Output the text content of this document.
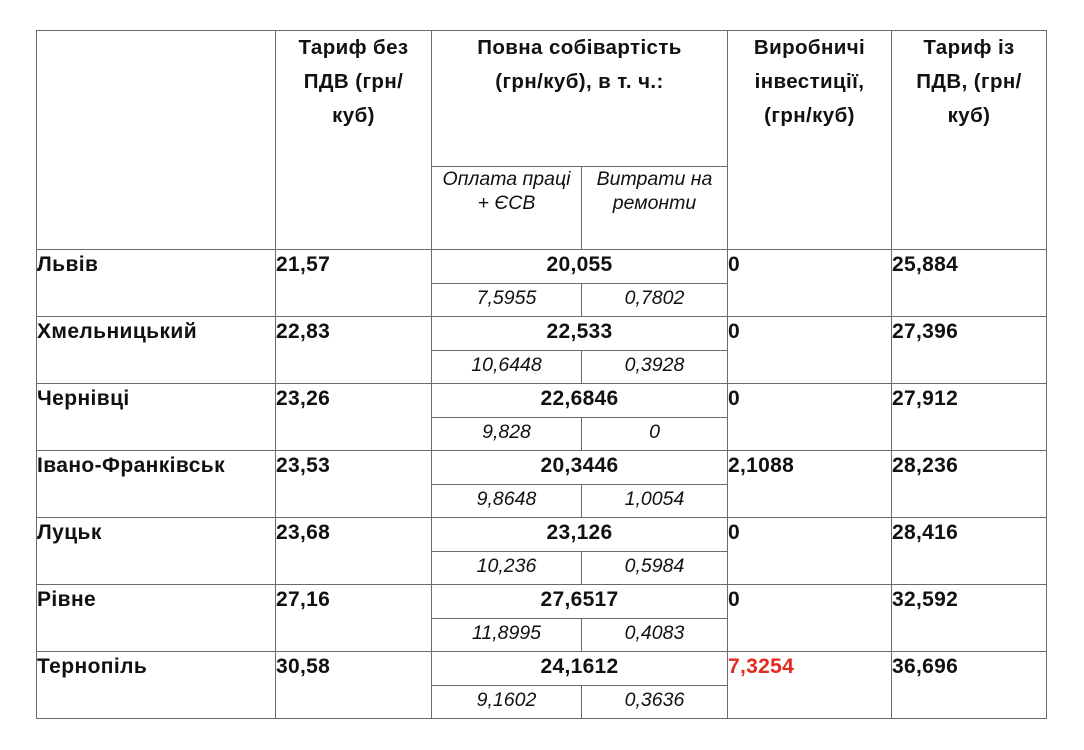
	Тариф без ПДВ (грн/куб)	Повна собівартість (грн/куб), в т. ч.:		Виробничі інвестиції, (грн/куб)	Тариф із ПДВ, (грн/куб)
		Оплата праці + ЄСВ	Витрати на ремонти		
Львів	21,57	20,055		0	25,884
		7,5955	0,7802		
Хмельницький	22,83	22,533		0	27,396
		10,6448	0,3928		
Чернівці	23,26	22,6846		0	27,912
		9,828	0		
Івано-Франківськ	23,53	20,3446		2,1088	28,236
		9,8648	1,0054		
Луцьк	23,68	23,126		0	28,416
		10,236	0,5984		
Рівне	27,16	27,6517		0	32,592
		11,8995	0,4083		
Тернопіль	30,58	24,1612		7,3254	36,696
		9,1602	0,3636		
